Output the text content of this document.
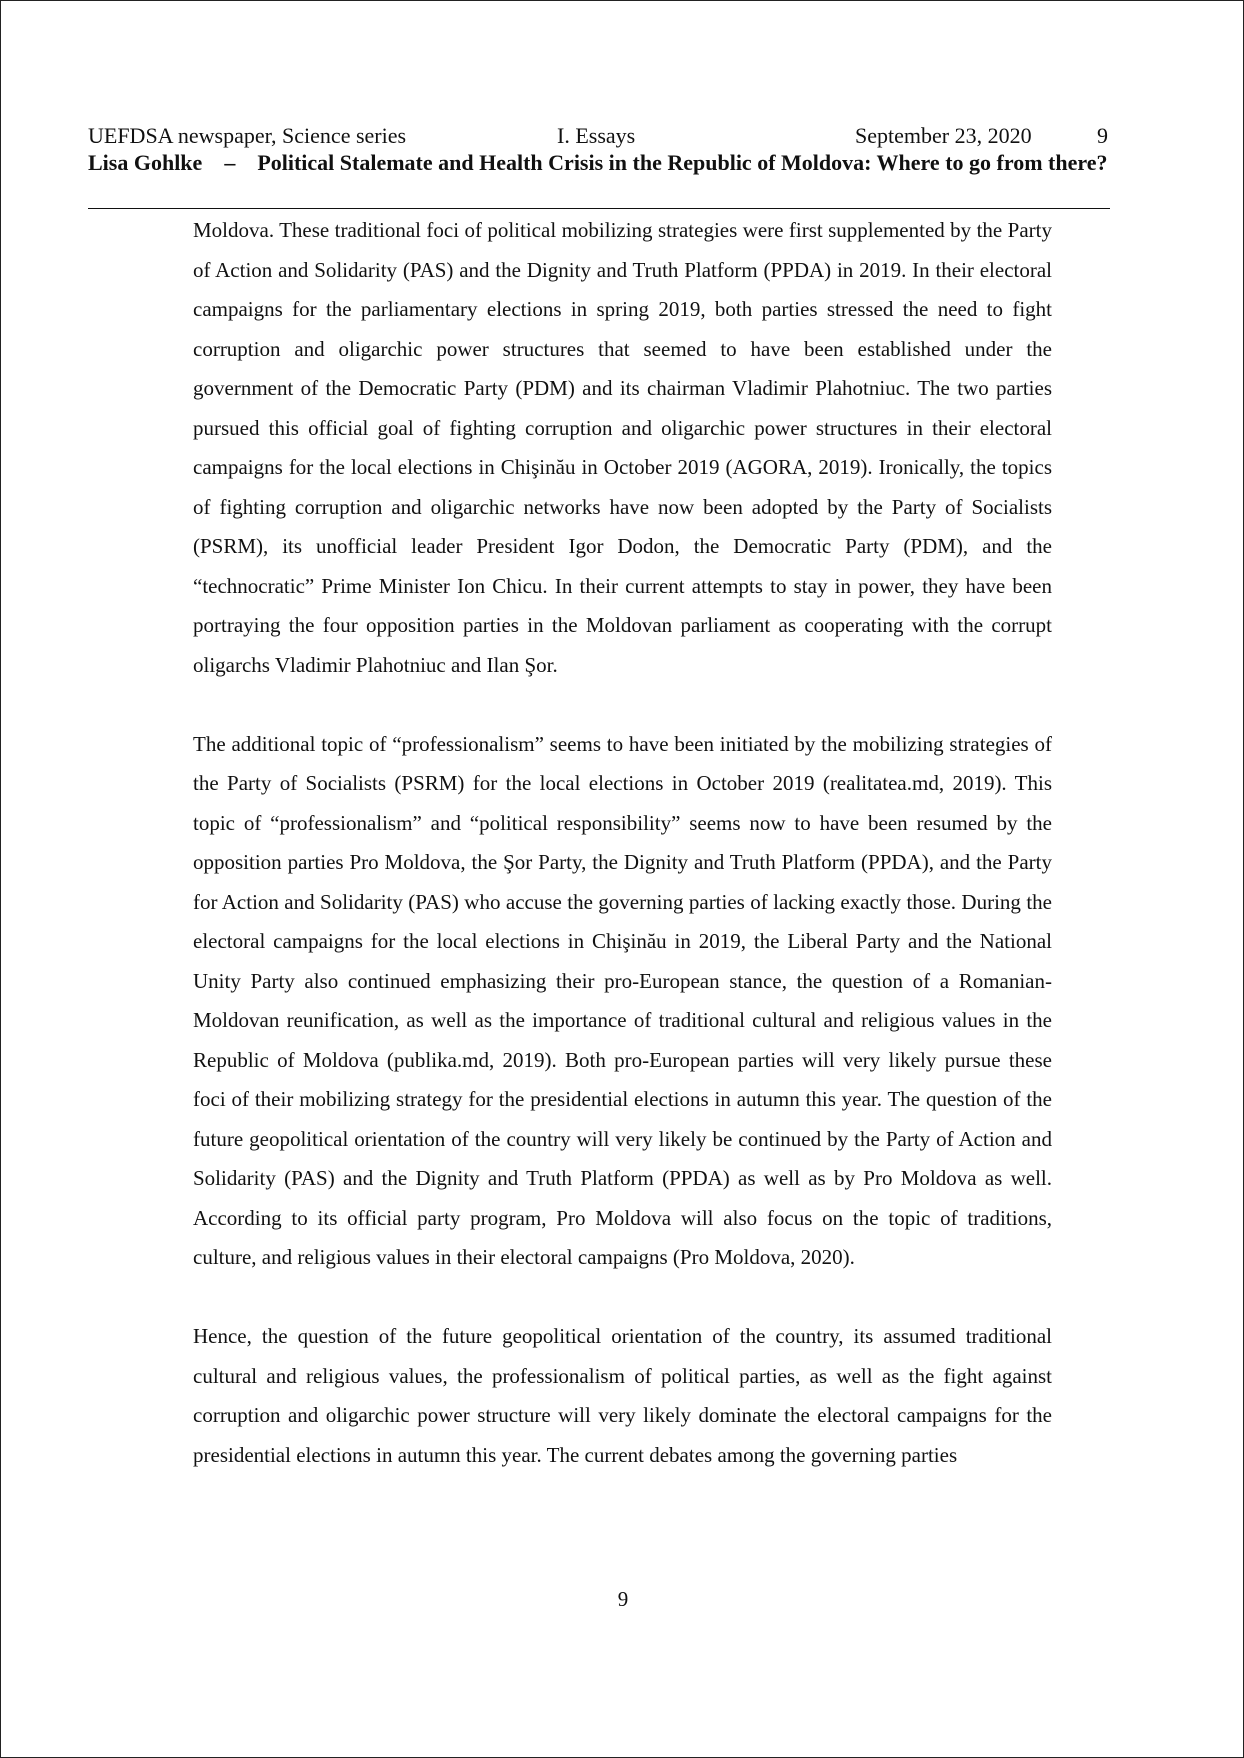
UEFDSA newspaper, Science series	I. Essays	September 23, 2020	9
Lisa Gohlke – Political Stalemate and Health Crisis in the Republic of Moldova: Where to go from there?

Moldova. These traditional foci of political mobilizing strategies were first supplemented by the Party of Action and Solidarity (PAS) and the Dignity and Truth Platform (PPDA) in 2019. In their electoral campaigns for the parliamentary elections in spring 2019, both parties stressed the need to fight corruption and oligarchic power structures that seemed to have been established under the government of the Democratic Party (PDM) and its chairman Vladimir Plahotniuc. The two parties pursued this official goal of fighting corruption and oligarchic power structures in their electoral campaigns for the local elections in Chişinău in October 2019 (AGORA, 2019). Ironically, the topics of fighting corruption and oligarchic networks have now been adopted by the Party of Socialists (PSRM), its unofficial leader President Igor Dodon, the Democratic Party (PDM), and the “technocratic” Prime Minister Ion Chicu. In their current attempts to stay in power, they have been portraying the four opposition parties in the Moldovan parliament as cooperating with the corrupt oligarchs Vladimir Plahotniuc and Ilan Şor.

The additional topic of “professionalism” seems to have been initiated by the mobilizing strategies of the Party of Socialists (PSRM) for the local elections in October 2019 (realitatea.md, 2019). This topic of “professionalism” and “political responsibility” seems now to have been resumed by the opposition parties Pro Moldova, the Şor Party, the Dignity and Truth Platform (PPDA), and the Party for Action and Solidarity (PAS) who accuse the governing parties of lacking exactly those. During the electoral campaigns for the local elections in Chişinău in 2019, the Liberal Party and the National Unity Party also continued emphasizing their pro-European stance, the question of a Romanian-Moldovan reunification, as well as the importance of traditional cultural and religious values in the Republic of Moldova (publika.md, 2019). Both pro-European parties will very likely pursue these foci of their mobilizing strategy for the presidential elections in autumn this year. The question of the future geopolitical orientation of the country will very likely be continued by the Party of Action and Solidarity (PAS) and the Dignity and Truth Platform (PPDA) as well as by Pro Moldova as well. According to its official party program, Pro Moldova will also focus on the topic of traditions, culture, and religious values in their electoral campaigns (Pro Moldova, 2020).

Hence, the question of the future geopolitical orientation of the country, its assumed traditional cultural and religious values, the professionalism of political parties, as well as the fight against corruption and oligarchic power structure will very likely dominate the electoral campaigns for the presidential elections in autumn this year. The current debates among the governing parties

9
